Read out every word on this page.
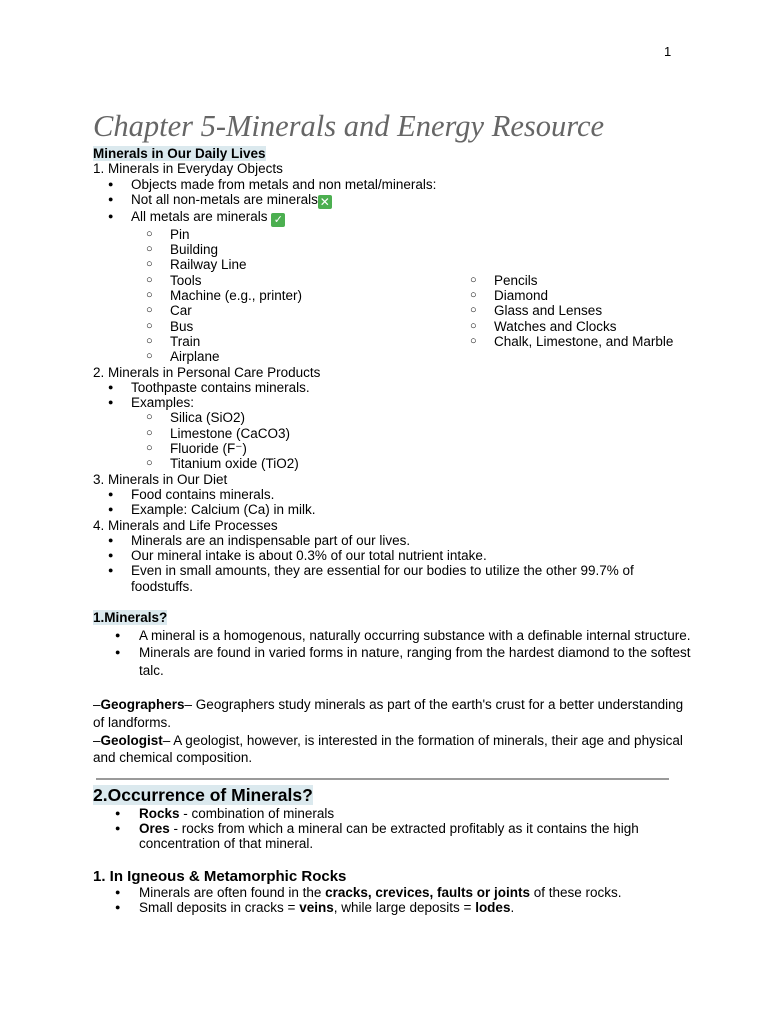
1
Chapter 5-Minerals and Energy Resource
Minerals in Our Daily Lives
1. Minerals in Everyday Objects
● Objects made from metals and non metal/minerals:
● Not all non-metals are minerals ✕
● All metals are minerals ✓
○ Pin
○ Building
○ Railway Line
○ Tools
○ Machine (e.g., printer)
○ Car
○ Bus
○ Train
○ Airplane
○ Pencils
○ Diamond
○ Glass and Lenses
○ Watches and Clocks
○ Chalk, Limestone, and Marble
2. Minerals in Personal Care Products
● Toothpaste contains minerals.
● Examples:
○ Silica (SiO2)
○ Limestone (CaCO3)
○ Fluoride (F⁻)
○ Titanium oxide (TiO2)
3. Minerals in Our Diet
● Food contains minerals.
● Example: Calcium (Ca) in milk.
4. Minerals and Life Processes
● Minerals are an indispensable part of our lives.
● Our mineral intake is about 0.3% of our total nutrient intake.
● Even in small amounts, they are essential for our bodies to utilize the other 99.7% of foodstuffs.
1.Minerals?
● A mineral is a homogenous, naturally occurring substance with a definable internal structure.
● Minerals are found in varied forms in nature, ranging from the hardest diamond to the softest talc.
–Geographers– Geographers study minerals as part of the earth's crust for a better understanding of landforms.
–Geologist– A geologist, however, is interested in the formation of minerals, their age and physical and chemical composition.
2.Occurrence of Minerals?
● Rocks - combination of minerals
● Ores - rocks from which a mineral can be extracted profitably as it contains the high concentration of that mineral.
1. In Igneous & Metamorphic Rocks
● Minerals are often found in the cracks, crevices, faults or joints of these rocks.
● Small deposits in cracks = veins, while large deposits = lodes.
